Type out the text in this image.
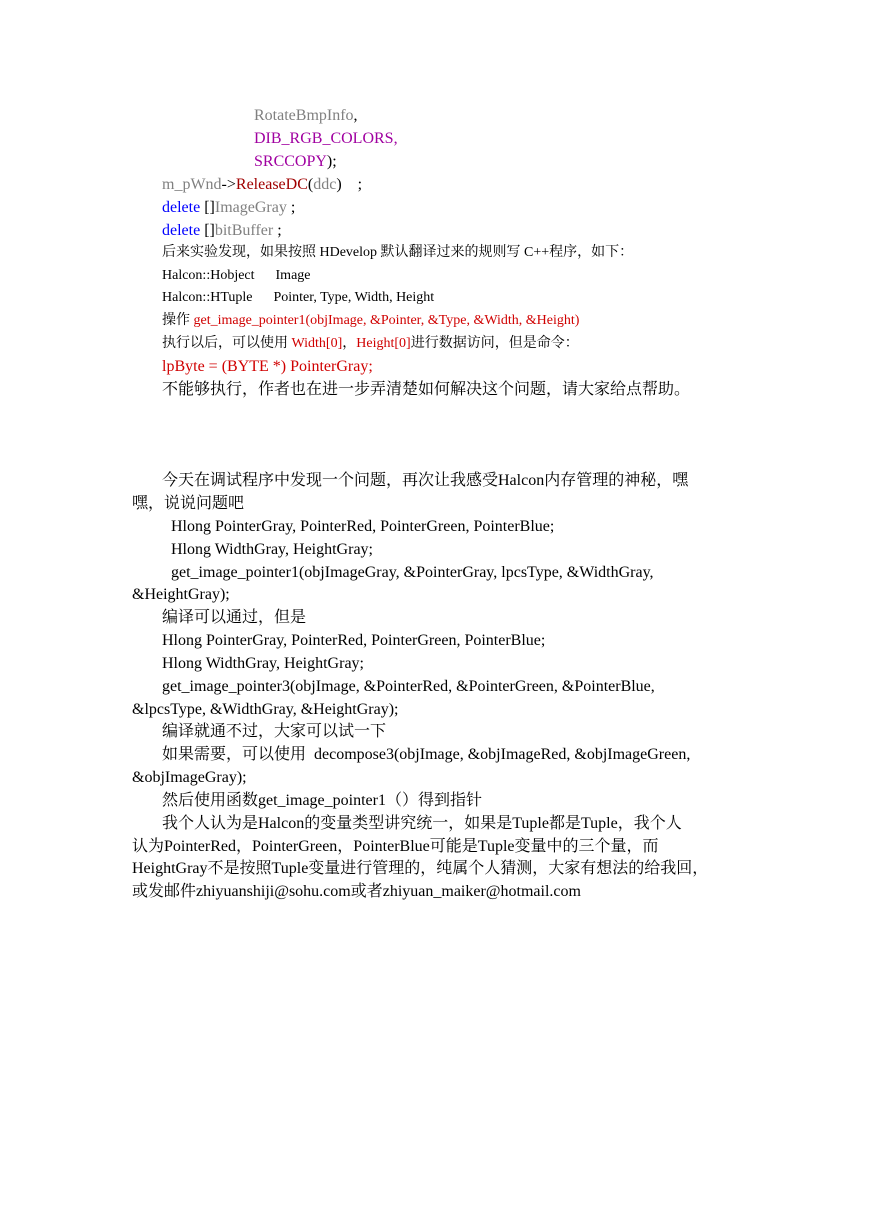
RotateBmpInfo,
DIB_RGB_COLORS,
SRCCOPY);
m_pWnd->ReleaseDC(ddc)    ;
delete []ImageGray ;
delete []bitBuffer ;
后来实验发现，如果按照 HDevelop 默认翻译过来的规则写 C++程序，如下：
Halcon::Hobject      Image
Halcon::HTuple      Pointer, Type, Width, Height
操作 get_image_pointer1(objImage, &Pointer, &Type, &Width, &Height)
执行以后，可以使用 Width[0]，Height[0]进行数据访问，但是命令：
lpByte = (BYTE *) PointerGray;
不能够执行，作者也在进一步弄清楚如何解决这个问题，请大家给点帮助。
今天在调试程序中发现一个问题，再次让我感受Halcon内存管理的神秘，嘿
嘿，说说问题吧
Hlong PointerGray, PointerRed, PointerGreen, PointerBlue;
Hlong WidthGray, HeightGray;
get_image_pointer1(objImageGray, &PointerGray, lpcsType, &WidthGray,
&HeightGray);
编译可以通过，但是
Hlong PointerGray, PointerRed, PointerGreen, PointerBlue;
Hlong WidthGray, HeightGray;
get_image_pointer3(objImage, &PointerRed, &PointerGreen, &PointerBlue,
&lpcsType, &WidthGray, &HeightGray);
编译就通不过，大家可以试一下
如果需要，可以使用  decompose3(objImage, &objImageRed, &objImageGreen,
&objImageGray);
然后使用函数get_image_pointer1（）得到指针
我个人认为是Halcon的变量类型讲究统一，如果是Tuple都是Tuple，我个人
认为PointerRed，PointerGreen，PointerBlue可能是Tuple变量中的三个量，而
HeightGray不是按照Tuple变量进行管理的，纯属个人猜测，大家有想法的给我回，
或发邮件zhiyuanshiji@sohu.com或者zhiyuan_maiker@hotmail.com
